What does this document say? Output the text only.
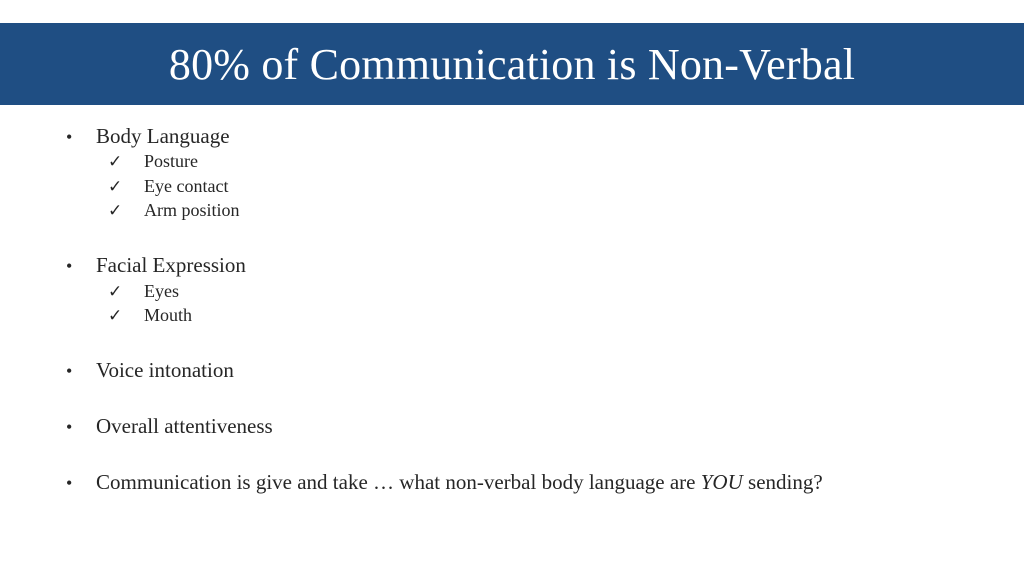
80% of Communication is Non-Verbal
•	Body Language
✓	Posture
✓	Eye contact
✓	Arm position
•	Facial Expression
✓	Eyes
✓	Mouth
•	Voice intonation
•	Overall attentiveness
•	Communication is give and take … what non-verbal body language are YOU sending?
